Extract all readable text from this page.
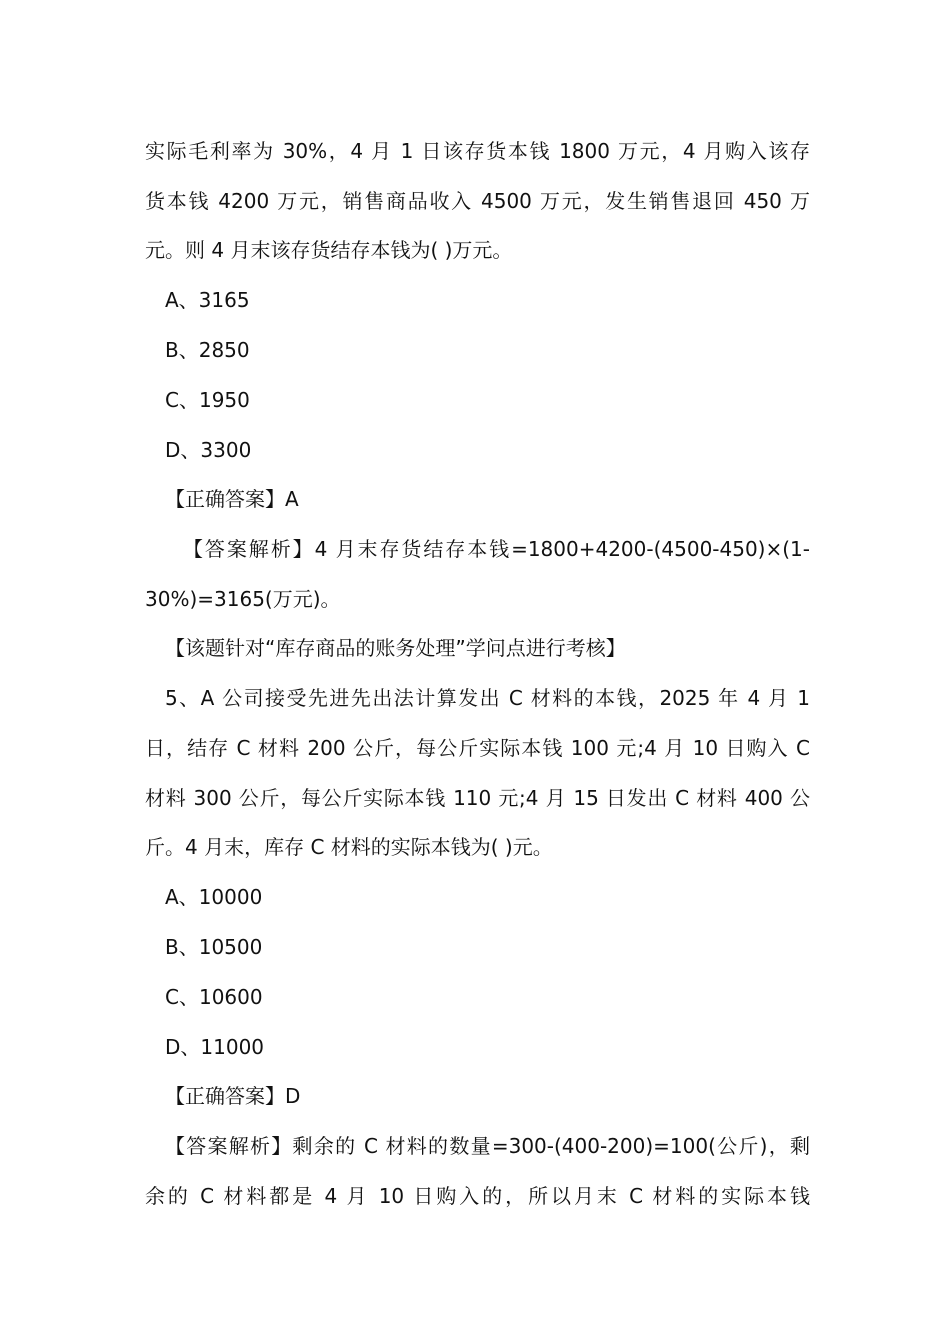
实际毛利率为 30%，4 月 1 日该存货本钱 1800 万元，4 月购入该存
货本钱 4200 万元，销售商品收入 4500 万元，发生销售退回 450 万
元。则 4 月末该存货结存本钱为( )万元。
A、3165
B、2850
C、1950
D、3300
【正确答案】A
【答案解析】4 月末存货结存本钱=1800+4200-(4500-450)×(1-
30%)=3165(万元)。
【该题针对“库存商品的账务处理”学问点进行考核】
5、A 公司接受先进先出法计算发出 C 材料的本钱，2025 年 4 月 1
日，结存 C 材料 200 公斤，每公斤实际本钱 100 元;4 月 10 日购入 C
材料 300 公斤，每公斤实际本钱 110 元;4 月 15 日发出 C 材料 400 公
斤。4 月末，库存 C 材料的实际本钱为( )元。
A、10000
B、10500
C、10600
D、11000
【正确答案】D
【答案解析】剩余的 C 材料的数量=300-(400-200)=100(公斤)，剩
余的 C 材料都是 4 月 10 日购入的，所以月末 C 材料的实际本钱
